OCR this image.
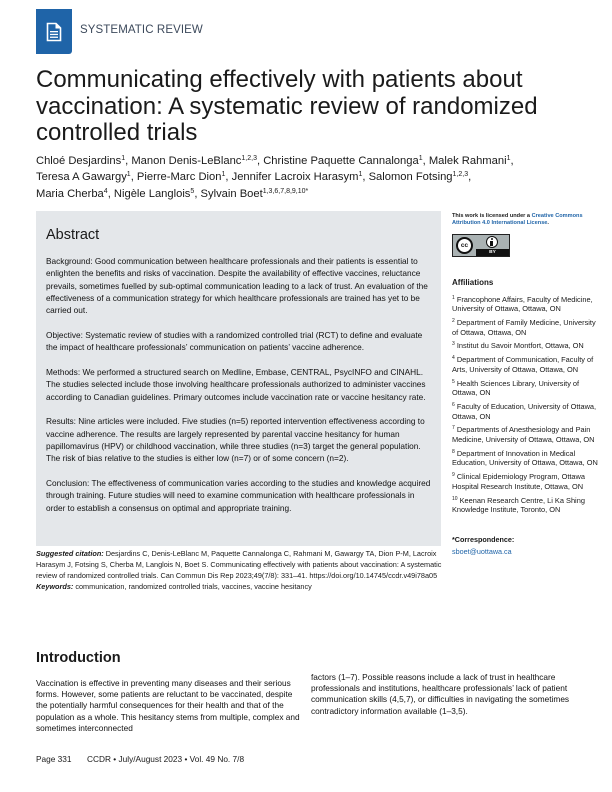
SYSTEMATIC REVIEW
Communicating effectively with patients about vaccination: A systematic review of randomized controlled trials
Chloé Desjardins$^1$, Manon Denis-LeBlanc$^{1,2,3}$, Christine Paquette Cannalonga$^1$, Malek Rahmani$^1$,
Teresa A Gawargy$^1$, Pierre-Marc Dion$^1$, Jennifer Lacroix Harasym$^1$, Salomon Fotsing$^{1,2,3}$,
Maria Cherba$^4$, Nigèle Langlois$^5$, Sylvain Boet$^{1,3,6,7,8,9,10*}$
Abstract

Background: Good communication between healthcare professionals and their patients is essential to enlighten the benefits and risks of vaccination. Despite the availability of effective vaccines, reluctance prevails, sometimes fuelled by sub-optimal communication leading to a lack of trust. An evaluation of the effectiveness of a communication strategy for which healthcare professionals are trained has yet to be carried out.

Objective: Systematic review of studies with a randomized controlled trial (RCT) to define and evaluate the impact of healthcare professionals’ communication on patients’ vaccine adherence.

Methods: We performed a structured search on Medline, Embase, CENTRAL, PsycINFO and CINAHL. The studies selected include those involving healthcare professionals authorized to administer vaccines according to Canadian guidelines. Primary outcomes include vaccination rate or vaccine hesitancy rate.

Results: Nine articles were included. Five studies (n=5) reported intervention effectiveness according to vaccine adherence. The results are largely represented by parental vaccine hesitancy for human papillomavirus (HPV) or childhood vaccination, while three studies (n=3) target the general population. The risk of bias relative to the studies is either low (n=7) or of some concern (n=2).

Conclusion: The effectiveness of communication varies according to the studies and knowledge acquired through training. Future studies will need to examine communication with healthcare professionals in order to establish a consensus on optimal and appropriate training.

Suggested citation: Desjardins C, Denis-LeBlanc M, Paquette Cannalonga C, Rahmani M, Gawargy TA, Dion P-M, Lacroix Harasym J, Fotsing S, Cherba M, Langlois N, Boet S. Communicating effectively with patients about vaccination: A systematic review of randomized controlled trials. Can Commun Dis Rep 2023;49(7/8): 331–41. https://doi.org/10.14745/ccdr.v49i78a05
Keywords: communication, randomized controlled trials, vaccines, vaccine hesitancy
This work is licensed under a Creative Commons Attribution 4.0 International License.
cc
BY
Affiliations
$^1$ Francophone Affairs, Faculty of Medicine, University of Ottawa, Ottawa, ON
$^2$ Department of Family Medicine, University of Ottawa, Ottawa, ON
$^3$ Institut du Savoir Montfort, Ottawa, ON
$^4$ Department of Communication, Faculty of Arts, University of Ottawa, Ottawa, ON
$^5$ Health Sciences Library, University of Ottawa, ON
$^6$ Faculty of Education, University of Ottawa, Ottawa, ON
$^7$ Departments of Anesthesiology and Pain Medicine, University of Ottawa, Ottawa, ON
$^8$ Department of Innovation in Medical Education, University of Ottawa, Ottawa, ON
$^9$ Clinical Epidemiology Program, Ottawa Hospital Research Institute, Ottawa, ON
$^{10}$ Keenan Research Centre, Li Ka Shing Knowledge Institute, Toronto, ON
*Correspondence:
sboet@uottawa.ca
Introduction

Vaccination is effective in preventing many diseases and their serious forms. However, some patients are reluctant to be vaccinated, despite the potentially harmful consequences for their health and that of the population as a whole. This hesitancy stems from multiple, complex and sometimes interconnected

factors (1–7). Possible reasons include a lack of trust in healthcare professionals and institutions, healthcare professionals’ lack of patient communication skills (4,5,7), or difficulties in navigating the sometimes contradictory information available (1–3,5).

Page 331 CCDR • July/August 2023 • Vol. 49 No. 7/8
